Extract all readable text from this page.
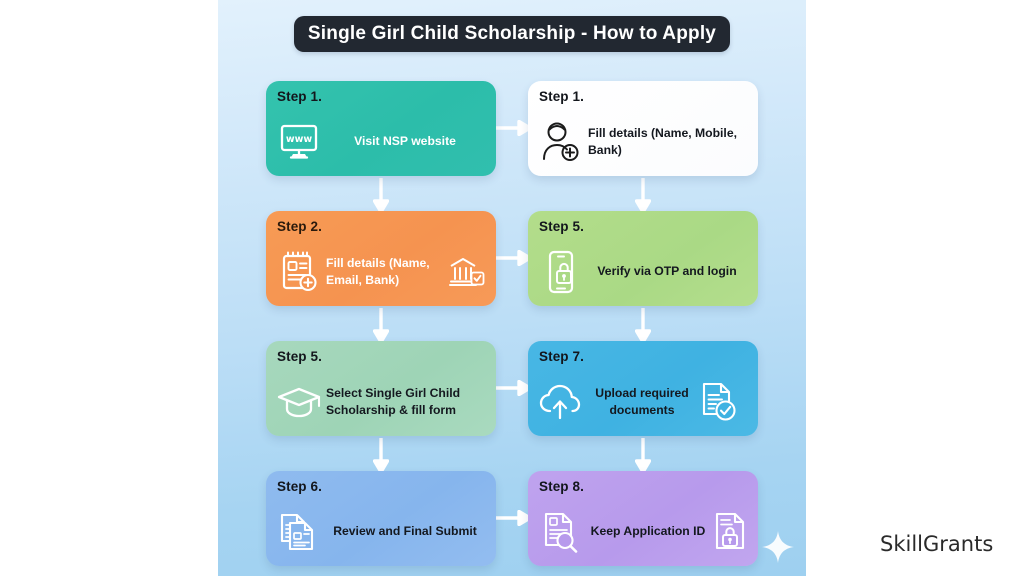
Single Girl Child Scholarship - How to Apply
Step 1.
www	Visit NSP website
Step 1.
Fill details (Name, Mobile, Bank)
Step 2.
Fill details (Name, Email, Bank)
Step 5.
Verify via OTP and login
Step 5.
Select Single Girl Child Scholarship & fill form
Step 7.
Upload required documents
Step 6.
Review and Final Submit
Step 8.
Keep Application ID
SkillGrants
